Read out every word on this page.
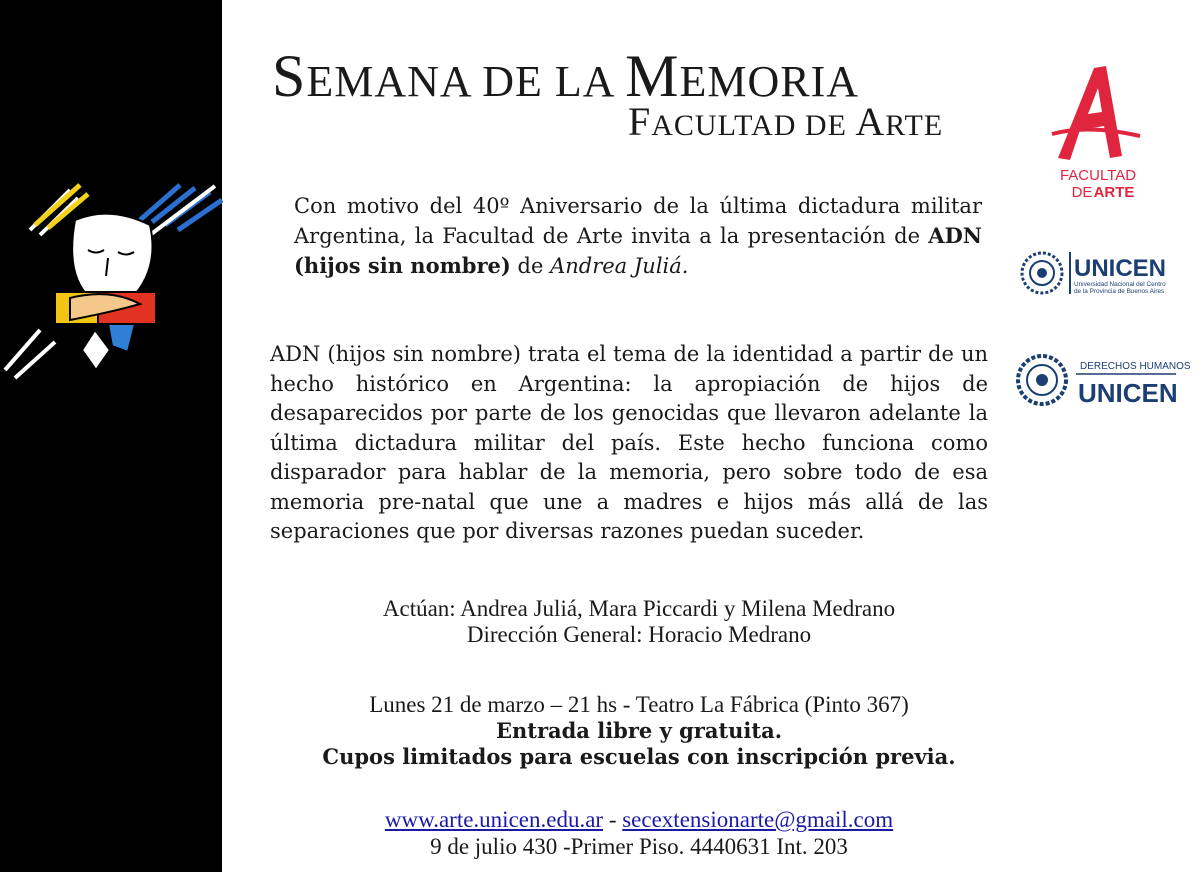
SEMANA DE LA MEMORIA
FACULTAD DE ARTE
Con motivo del 40º Aniversario de la última dictadura militar Argentina, la Facultad de Arte invita a la presentación de ADN (hijos sin nombre) de Andrea Juliá.
ADN (hijos sin nombre) trata el tema de la identidad a partir de un hecho histórico en Argentina: la apropiación de hijos de desaparecidos por parte de los genocidas que llevaron adelante la última dictadura militar del país. Este hecho funciona como disparador para hablar de la memoria, pero sobre todo de esa memoria pre-natal que une a madres e hijos más allá de las separaciones que por diversas razones puedan suceder.
Actúan: Andrea Juliá, Mara Piccardi y Milena Medrano
Dirección General: Horacio Medrano
Lunes 21 de marzo – 21 hs - Teatro La Fábrica (Pinto 367)
Entrada libre y gratuita.
Cupos limitados para escuelas con inscripción previa.
www.arte.unicen.edu.ar - secextensionarte@gmail.com
9 de julio 430 -Primer Piso. 4440631 Int. 203
FACULTAD
DE ARTE
UNICEN
Universidad Nacional del Centro
de la Provincia de Buenos Aires
DERECHOS HUMANOS
UNICEN
